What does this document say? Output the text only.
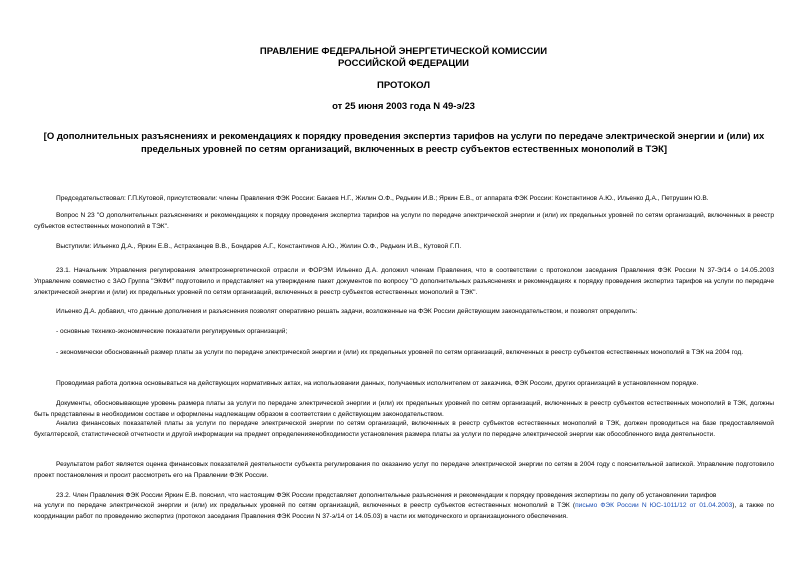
ПРАВЛЕНИЕ ФЕДЕРАЛЬНОЙ ЭНЕРГЕТИЧЕСКОЙ КОМИССИИ
РОССИЙСКОЙ ФЕДЕРАЦИИ
ПРОТОКОЛ
от 25 июня 2003 года N 49-э/23
[О дополнительных разъяснениях и рекомендациях к порядку проведения экспертиз тарифов на услуги по передаче электрической энергии и (или) их предельных уровней по сетям организаций, включенных в реестр субъектов естественных монополий в ТЭК]
Председательствовал: Г.П.Кутовой, присутствовали: члены Правления ФЭК России: Бакаев Н.Г., Жилин О.Ф., Редькин И.В.; Яркин Е.В., от аппарата ФЭК России: Константинов А.Ю., Ильенко Д.А., Петрушин Ю.В.
Вопрос N 23 "О дополнительных разъяснениях и рекомендациях к порядку проведения экспертиз тарифов на услуги по передаче электрической энергии и (или) их предельных уровней по сетям организаций, включенных в реестр субъектов естественных монополий в ТЭК".
Выступили: Ильенко Д.А., Яркин Е.В., Астраханцев В.В., Бондарев А.Г., Константинов А.Ю., Жилин О.Ф., Редькин И.В., Кутовой Г.П.
23.1. Начальник Управления регулирования электроэнергетической отрасли и ФОРЭМ Ильенко Д.А. доложил членам Правления, что в соответствии с протоколом заседания Правления ФЭК России N 37-Э/14 о 14.05.2003 Управление совместно с ЗАО Группа "ЭКФИ" подготовило и представляет на утверждение пакет документов по вопросу "О дополнительных разъяснениях и рекомендациях к порядку проведения экспертиз тарифов на услуги по передаче электрической энергии и (или) их предельных уровней по сетям организаций, включенных в реестр субъектов естественных монополий в ТЭК".
Ильенко Д.А. добавил, что данные дополнения и разъяснения позволят оперативно решать задачи, возложенные на ФЭК России действующим законодательством, и позволят определить:
- основные технико-экономические показатели регулируемых организаций;
- экономически обоснованный размер платы за услуги по передаче электрической энергии и (или) их предельных уровней по сетям организаций, включенных в реестр субъектов естественных монополий в ТЭК на 2004 год.
Проводимая работа должна основываться на действующих нормативных актах, на использовании данных, получаемых исполнителем от заказчика, ФЭК России, других организаций в установленном порядке.
Документы, обосновывающие уровень размера платы за услуги по передаче электрической энергии и (или) их предельных уровней по сетям организаций, включенных в реестр субъектов естественных монополий в ТЭК, должны быть представлены в необходимом составе и оформлены надлежащим образом в соответствии с действующим законодательством.
Анализ финансовых показателей платы за услуги по передаче электрической энергии по сетям организаций, включенных в реестр субъектов естественных монополий в ТЭК, должен проводиться на базе предоставляемой бухгалтерской, статистической отчетности и другой информации на предмет определенияенобходимости установления размера платы за услуги по передаче электрической энергии как обособленного вида деятельности.
Результатом работ является оценка финансовых показателей деятельности субъекта регулирования по оказанию услуг по передаче электрической энергии по сетям в 2004 году с пояснительной запиской. Управление подготовило проект постановления и просит рассмотреть его на Правлении ФЭК России.
23.2. Член Правления ФЭК России Яркин Е.В. пояснил, что настоящим ФЭК России представляет дополнительные разъяснения и рекомендации к порядку проведения экспертизы по делу об установлении тарифов
на услуги по передаче электрической энергии и (или) их предельных уровней по сетям организаций, включенных в реестр субъектов естественных монополий в ТЭК (письмо ФЭК России N ЮС-1011/12 от 01.04.2003), а также по координации работ по проведению экспертиз (протокол заседания Правления ФЭК России N 37-э/14 от 14.05.03) в части их методического и организационного обеспечения.
